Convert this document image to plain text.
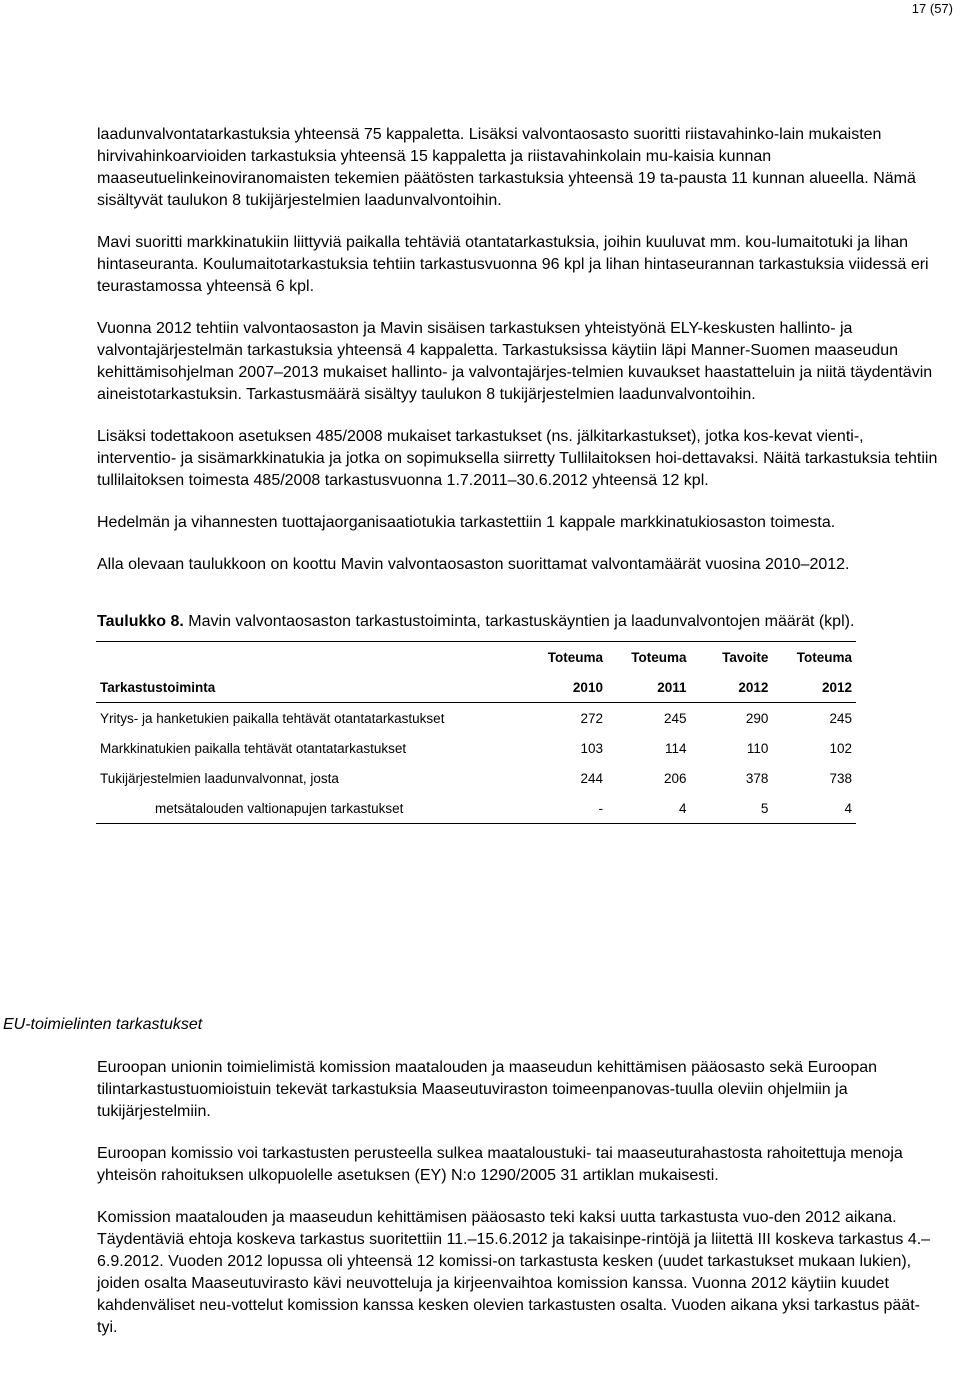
17 (57)

laadunvalvontatarkastuksia yhteensä 75 kappaletta. Lisäksi valvontaosasto suoritti riistavahinko-lain mukaisten hirvivahinkoarvioiden tarkastuksia yhteensä 15 kappaletta ja riistavahinkolain mu-kaisia kunnan maaseutuelinkeinoviranomaisten tekemien päätösten tarkastuksia yhteensä 19 ta-pausta 11 kunnan alueella. Nämä sisältyvät taulukon 8 tukijärjestelmien laadunvalvontoihin.

Mavi suoritti markkinatukiin liittyviä paikalla tehtäviä otantatarkastuksia, joihin kuuluvat mm. kou-lumaitotuki ja lihan hintaseuranta. Koulumaitotarkastuksia tehtiin tarkastusvuonna 96 kpl ja lihan hintaseurannan tarkastuksia viidessä eri teurastamossa yhteensä 6 kpl.

Vuonna 2012 tehtiin valvontaosaston ja Mavin sisäisen tarkastuksen yhteistyönä ELY-keskusten hallinto- ja valvontajärjestelmän tarkastuksia yhteensä 4 kappaletta. Tarkastuksissa käytiin läpi Manner-Suomen maaseudun kehittämisohjelman 2007–2013 mukaiset hallinto- ja valvontajärjes-telmien kuvaukset haastatteluin ja niitä täydentävin aineistotarkastuksin. Tarkastusmäärä sisältyy taulukon 8 tukijärjestelmien laadunvalvontoihin.

Lisäksi todettakoon asetuksen 485/2008 mukaiset tarkastukset (ns. jälkitarkastukset), jotka kos-kevat vienti-, interventio- ja sisämarkkinatukia ja jotka on sopimuksella siirretty Tullilaitoksen hoi-dettavaksi. Näitä tarkastuksia tehtiin tullilaitoksen toimesta 485/2008 tarkastusvuonna 1.7.2011–30.6.2012 yhteensä 12 kpl.

Hedelmän ja vihannesten tuottajaorganisaatiotukia tarkastettiin 1 kappale markkinatukiosaston toimesta.

Alla olevaan taulukkoon on koottu Mavin valvontaosaston suorittamat valvontamäärät vuosina 2010–2012.

Taulukko 8. Mavin valvontaosaston tarkastustoiminta, tarkastuskäyntien ja laadunvalvontojen määrät (kpl).
	Toteuma	Toteuma	Tavoite	Toteuma
Tarkastustoiminta	2010	2011	2012	2012
Yritys- ja hanketukien paikalla tehtävät otantatarkastukset	272	245	290	245
Markkinatukien paikalla tehtävät otantatarkastukset	103	114	110	102
Tukijärjestelmien laadunvalvonnat, josta	244	206	378	738
metsätalouden valtionapujen tarkastukset	-	4	5	4
EU-toimielinten tarkastukset

Euroopan unionin toimielimistä komission maatalouden ja maaseudun kehittämisen pääosasto sekä Euroopan tilintarkastustuomioistuin tekevät tarkastuksia Maaseutuviraston toimeenpanovas-tuulla oleviin ohjelmiin ja tukijärjestelmiin.

Euroopan komissio voi tarkastusten perusteella sulkea maataloustuki- tai maaseuturahastosta rahoitettuja menoja yhteisön rahoituksen ulkopuolelle asetuksen (EY) N:o 1290/2005 31 artiklan mukaisesti.

Komission maatalouden ja maaseudun kehittämisen pääosasto teki kaksi uutta tarkastusta vuo-den 2012 aikana. Täydentäviä ehtoja koskeva tarkastus suoritettiin 11.–15.6.2012 ja takaisinpe-rintöjä ja liitettä III koskeva tarkastus 4.–6.9.2012. Vuoden 2012 lopussa oli yhteensä 12 komissi-on tarkastusta kesken (uudet tarkastukset mukaan lukien), joiden osalta Maaseutuvirasto kävi neuvotteluja ja kirjeenvaihtoa komission kanssa. Vuonna 2012 käytiin kuudet kahdenväliset neu-vottelut komission kanssa kesken olevien tarkastusten osalta. Vuoden aikana yksi tarkastus päät-tyi.
